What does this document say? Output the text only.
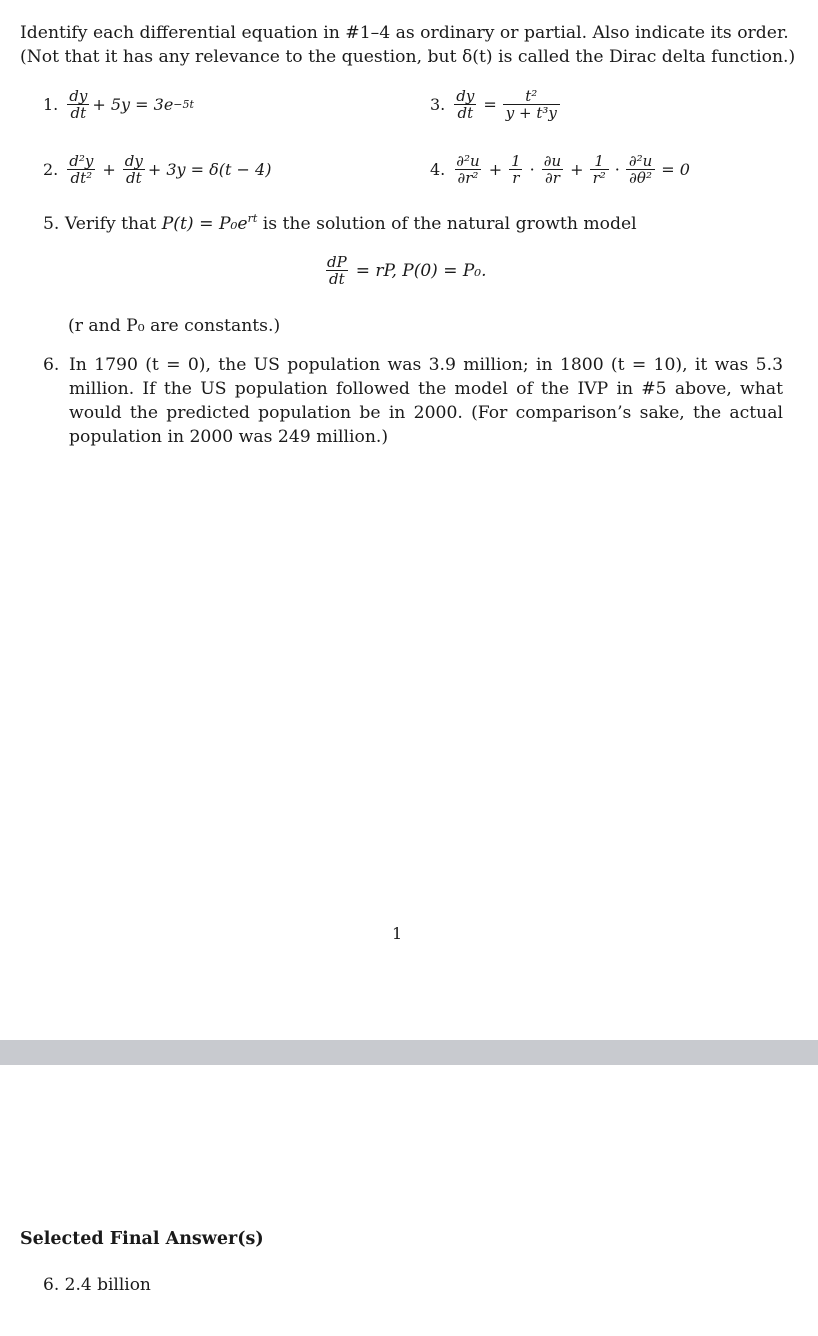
Identify each differential equation in #1–4 as ordinary or partial. Also indicate its order.
(Not that it has any relevance to the question, but δ(t) is called the Dirac delta function.)
1. $\frac{dy}{dt} + 5y = 3e -5t$
2. $\frac{\text{d²y}}{\text{dt²}} + \frac{dy}{dt} + 3y = \delta(t - 4)$
3. $\frac{dy}{dt} = \frac{\text{t²}}{\text{y + t³y}}$
4. $\frac{\text{∂²u}}{\text{∂r²}} + \frac{1}{r} \cdot \frac{\partial u}{\partial r} + \frac{1}{\text{r²}} \cdot \frac{\text{∂²u}}{\text{∂θ²}} = 0$
5. Verify that $P(t) = P_0e^{rt}$ is the solution of the natural growth model
$\frac{dP}{dt}$ = rP, P(0) = P₀.
(r and P₀ are constants.)
6. In 1790 (t = 0), the US population was 3.9 million; in 1800 (t = 10), it was 5.3 million. If the US population followed the model of the IVP in #5 above, what would the predicted population be in 2000. (For comparison’s sake, the actual population in 2000 was 249 million.)
1
Selected Final Answer(s)
6. 2.4 billion
